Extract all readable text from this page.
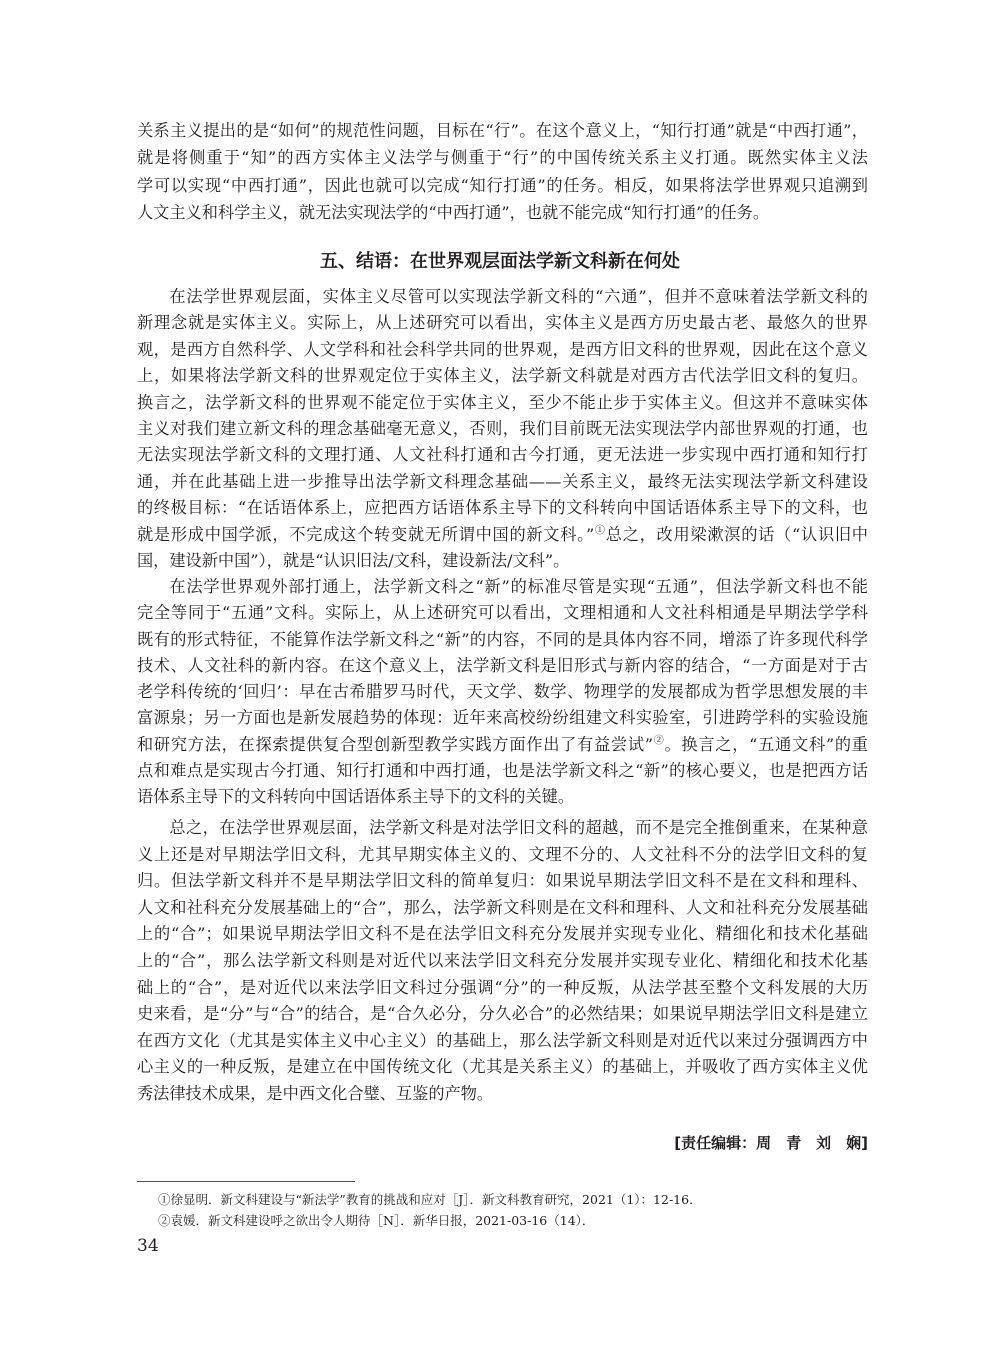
关系主义提出的是“如何”的规范性问题，目标在“行”。在这个意义上，“知行打通”就是“中西打通”，
就是将侧重于“知”的西方实体主义法学与侧重于“行”的中国传统关系主义打通。既然实体主义法
学可以实现“中西打通”，因此也就可以完成“知行打通”的任务。相反，如果将法学世界观只追溯到
人文主义和科学主义，就无法实现法学的“中西打通”，也就不能完成“知行打通”的任务。
五、结语：在世界观层面法学新文科新在何处
在法学世界观层面，实体主义尽管可以实现法学新文科的“六通”，但并不意味着法学新文科的
新理念就是实体主义。实际上，从上述研究可以看出，实体主义是西方历史最古老、最悠久的世界
观，是西方自然科学、人文学科和社会科学共同的世界观，是西方旧文科的世界观，因此在这个意义
上，如果将法学新文科的世界观定位于实体主义，法学新文科就是对西方古代法学旧文科的复归。
换言之，法学新文科的世界观不能定位于实体主义，至少不能止步于实体主义。但这并不意味实体
主义对我们建立新文科的理念基础毫无意义，否则，我们目前既无法实现法学内部世界观的打通，也
无法实现法学新文科的文理打通、人文社科打通和古今打通，更无法进一步实现中西打通和知行打
通，并在此基础上进一步推导出法学新文科理念基础——关系主义，最终无法实现法学新文科建设
的终极目标：“在话语体系上，应把西方话语体系主导下的文科转向中国话语体系主导下的文科，也
就是形成中国学派，不完成这个转变就无所谓中国的新文科。”①总之，改用梁漱溟的话（“认识旧中
国，建设新中国”），就是“认识旧法/文科，建设新法/文科”。
在法学世界观外部打通上，法学新文科之“新”的标准尽管是实现“五通”，但法学新文科也不能
完全等同于“五通”文科。实际上，从上述研究可以看出，文理相通和人文社科相通是早期法学学科
既有的形式特征，不能算作法学新文科之“新”的内容，不同的是具体内容不同，增添了许多现代科学
技术、人文社科的新内容。在这个意义上，法学新文科是旧形式与新内容的结合，“一方面是对于古
老学科传统的‘回归’：早在古希腊罗马时代，天文学、数学、物理学的发展都成为哲学思想发展的丰
富源泉；另一方面也是新发展趋势的体现：近年来高校纷纷组建文科实验室，引进跨学科的实验设施
和研究方法，在探索提供复合型创新型教学实践方面作出了有益尝试”②。换言之，“五通文科”的重
点和难点是实现古今打通、知行打通和中西打通，也是法学新文科之“新”的核心要义，也是把西方话
语体系主导下的文科转向中国话语体系主导下的文科的关键。
总之，在法学世界观层面，法学新文科是对法学旧文科的超越，而不是完全推倒重来，在某种意
义上还是对早期法学旧文科，尤其早期实体主义的、文理不分的、人文社科不分的法学旧文科的复
归。但法学新文科并不是早期法学旧文科的简单复归：如果说早期法学旧文科不是在文科和理科、
人文和社科充分发展基础上的“合”，那么，法学新文科则是在文科和理科、人文和社科充分发展基础
上的“合”；如果说早期法学旧文科不是在法学旧文科充分发展并实现专业化、精细化和技术化基础
上的“合”，那么法学新文科则是对近代以来法学旧文科充分发展并实现专业化、精细化和技术化基
础上的“合”，是对近代以来法学旧文科过分强调“分”的一种反叛，从法学甚至整个文科发展的大历
史来看，是“分”与“合”的结合，是“合久必分，分久必合”的必然结果；如果说早期法学旧文科是建立
在西方文化（尤其是实体主义中心主义）的基础上，那么法学新文科则是对近代以来过分强调西方中
心主义的一种反叛，是建立在中国传统文化（尤其是关系主义）的基础上，并吸收了西方实体主义优
秀法律技术成果，是中西文化合璧、互鉴的产物。
[责任编辑：周　青　刘　娴]
①徐显明．新文科建设与“新法学”教育的挑战和应对［J］．新文科教育研究，2021（1）：12-16．
②袁媛．新文科建设呼之欲出令人期待［N］．新华日报，2021-03-16（14）．
34
